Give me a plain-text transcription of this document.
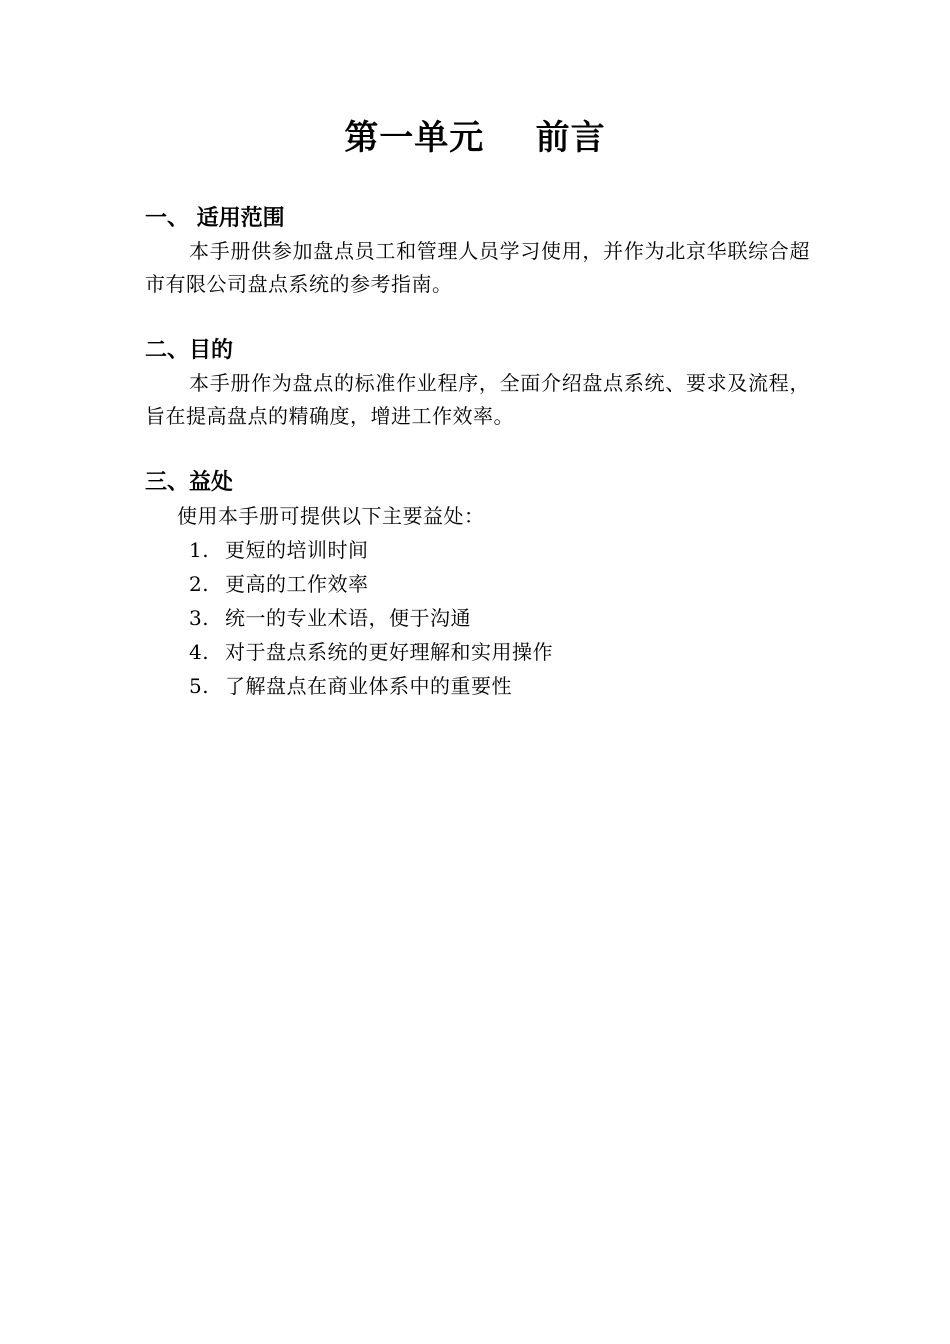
第一单元    前言
一、 适用范围

本手册供参加盘点员工和管理人员学习使用，并作为北京华联综合超市有限公司盘点系统的参考指南。

二、目的

本手册作为盘点的标准作业程序，全面介绍盘点系统、要求及流程，旨在提高盘点的精确度，增进工作效率。

三、益处

使用本手册可提供以下主要益处：

1. 更短的培训时间
2. 更高的工作效率
3. 统一的专业术语，便于沟通
4. 对于盘点系统的更好理解和实用操作
5. 了解盘点在商业体系中的重要性
